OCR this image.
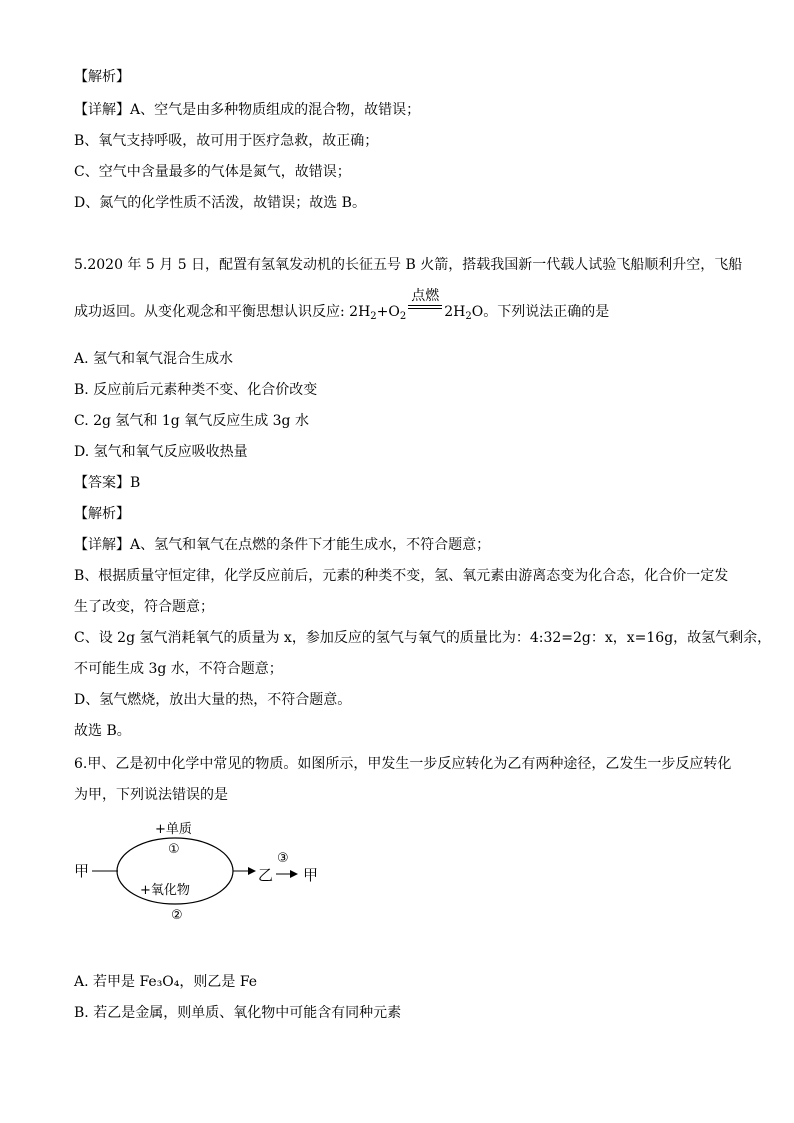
【解析】
【详解】A、空气是由多种物质组成的混合物，故错误；
B、氧气支持呼吸，故可用于医疗急救，故正确；
C、空气中含量最多的气体是氮气，故错误；
D、氮气的化学性质不活泼，故错误；故选 B。
5.2020 年 5 月 5 日，配置有氢氧发动机的长征五号 B 火箭，搭载我国新一代载人试验飞船顺利升空，飞船
成功返回。从变化观念和平衡思想认识反应: $2H_2+O_2$
点燃
$2H_2O$。下列说法正确的是
A. 氢气和氧气混合生成水
B. 反应前后元素种类不变、化合价改变
C. 2g 氢气和 1g 氧气反应生成 3g 水
D. 氢气和氧气反应吸收热量
【答案】B
【解析】
【详解】A、氢气和氧气在点燃的条件下才能生成水，不符合题意；
B、根据质量守恒定律，化学反应前后，元素的种类不变，氢、氧元素由游离态变为化合态，化合价一定发
生了改变，符合题意；
C、设 2g 氢气消耗氧气的质量为 x，参加反应的氢气与氧气的质量比为：4:32=2g：x，x=16g，故氢气剩余，
不可能生成 3g 水，不符合题意；
D、氢气燃烧，放出大量的热，不符合题意。
故选 B。
6.甲、乙是初中化学中常见的物质。如图所示，甲发生一步反应转化为乙有两种途径，乙发生一步反应转化
为甲，下列说法错误的是
甲
+单质
①
+氧化物
②
乙
③
甲
A. 若甲是 Fe₃O₄，则乙是 Fe
B. 若乙是金属，则单质、氧化物中可能含有同种元素
